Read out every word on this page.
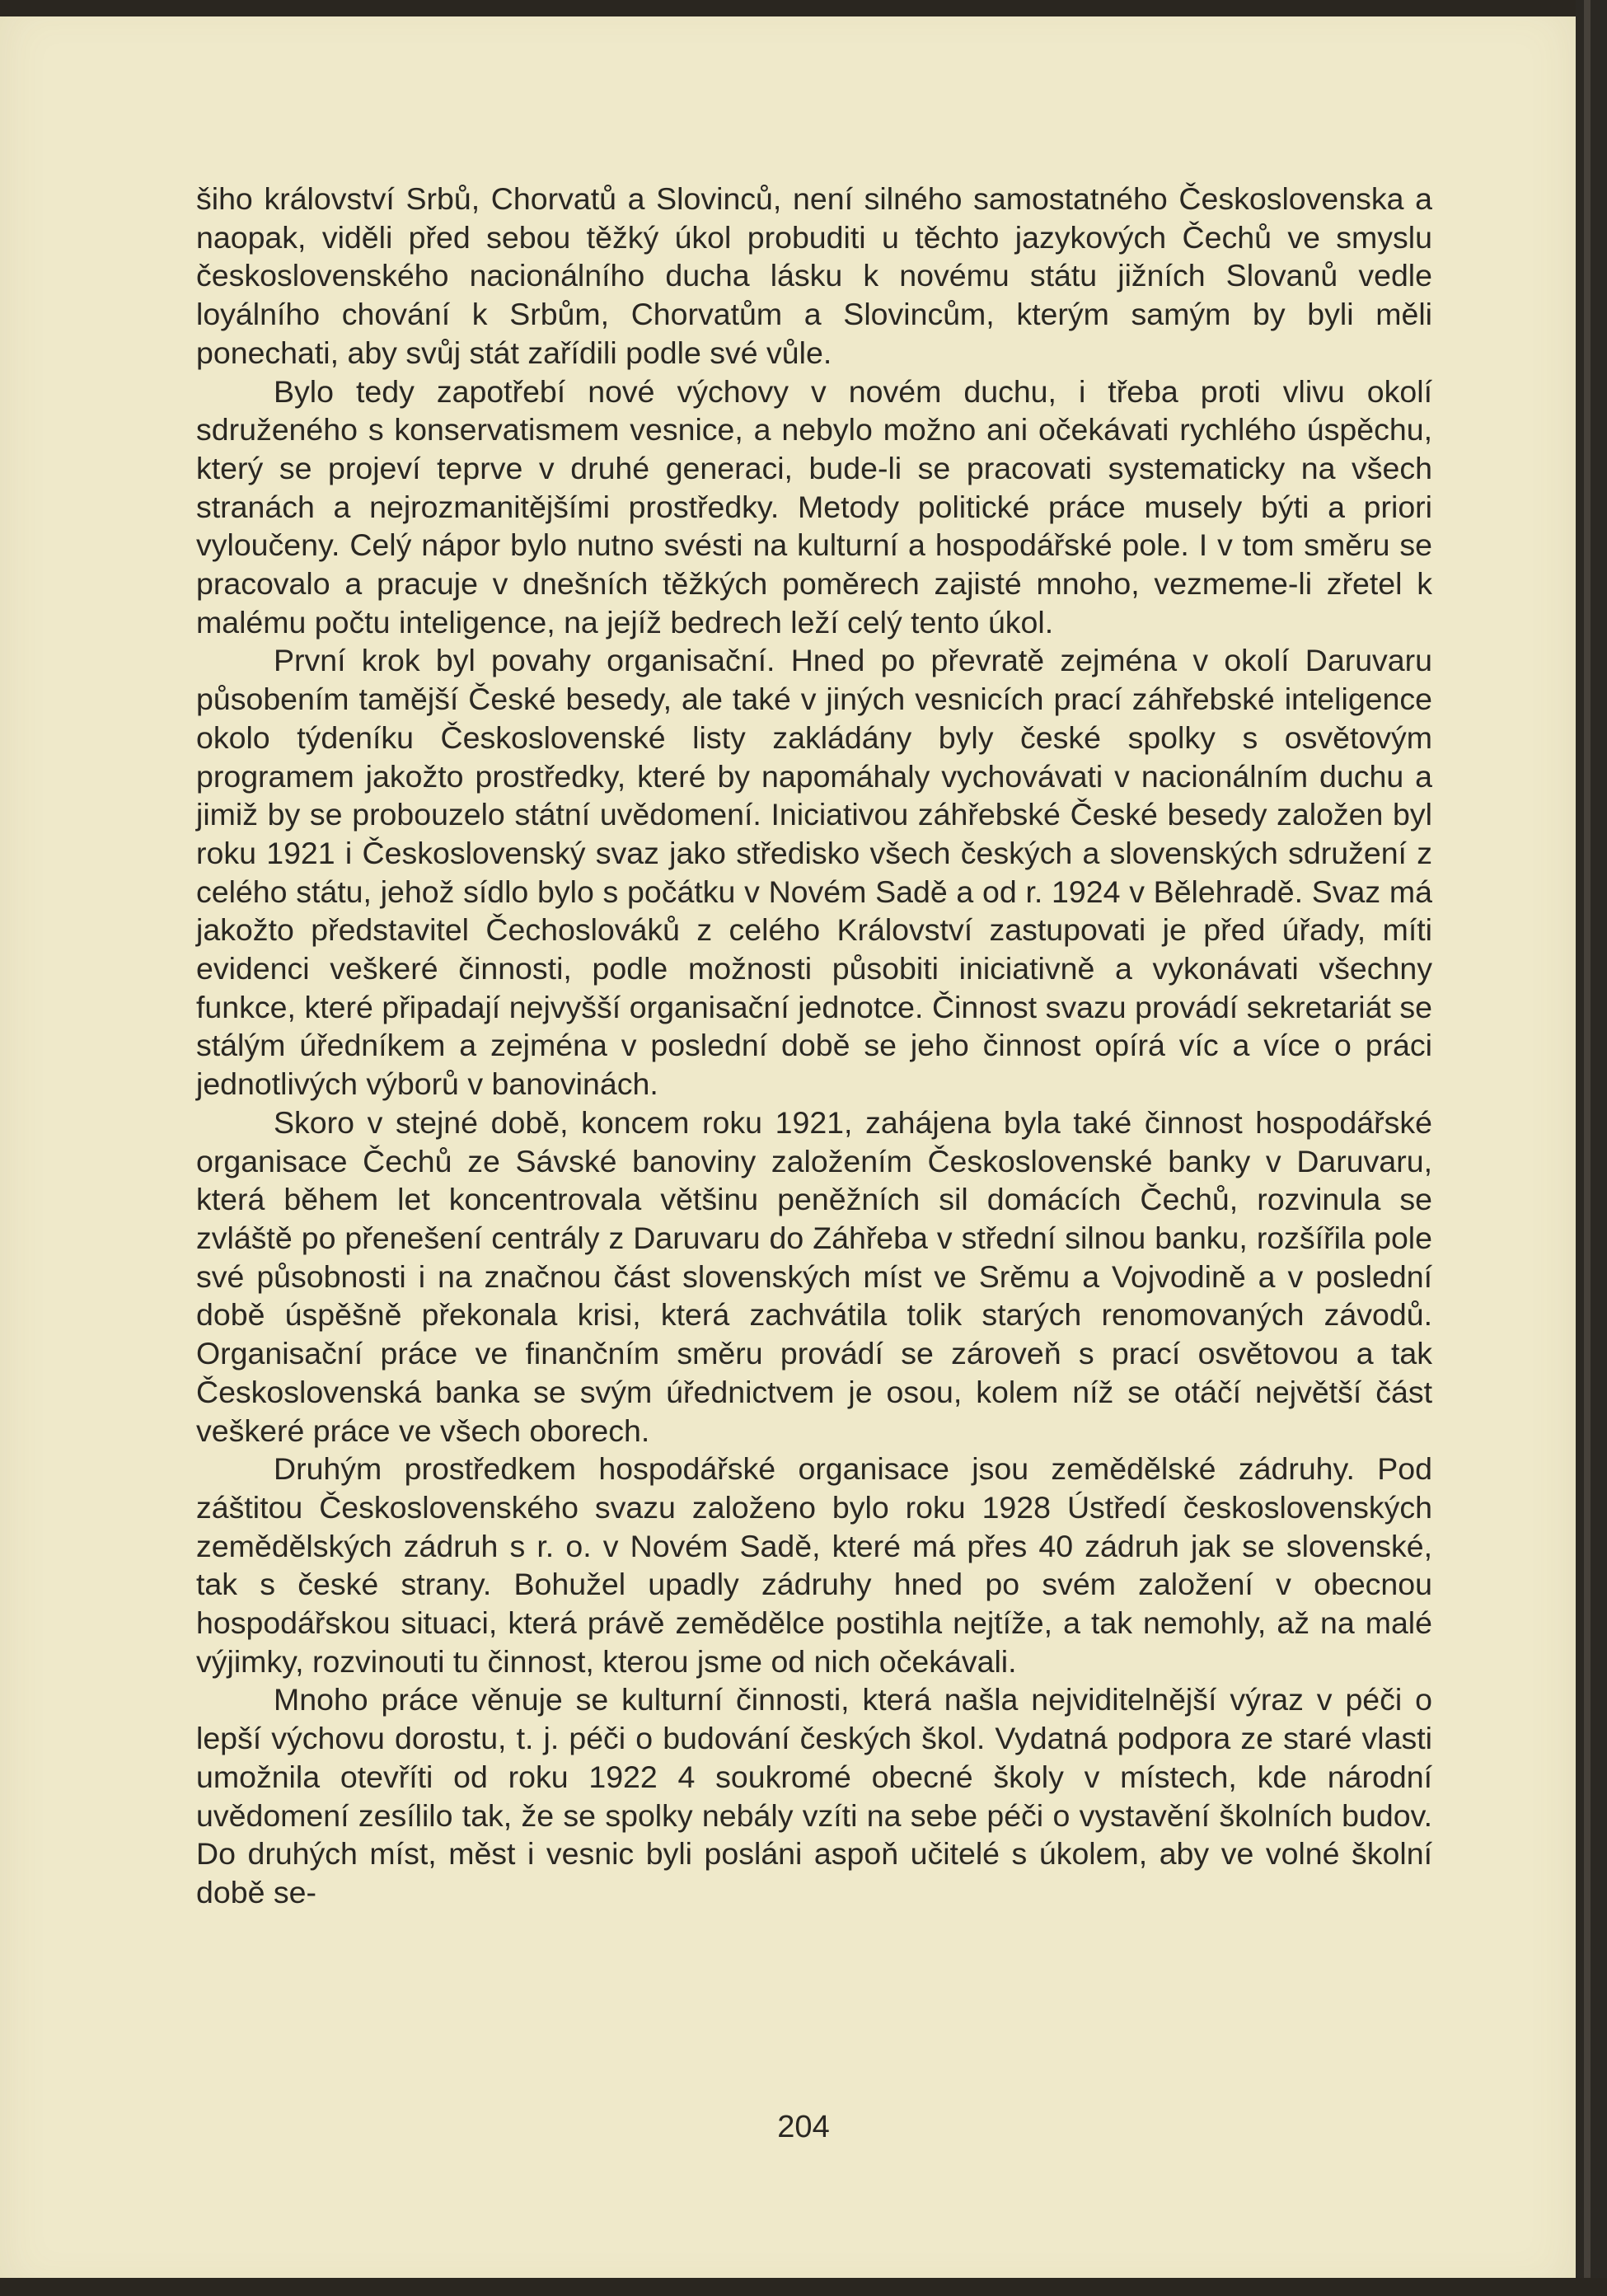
šiho království Srbů, Chorvatů a Slovinců, není silného samostatného Československa a naopak, viděli před sebou těžký úkol probuditi u těchto jazykových Čechů ve smyslu československého nacionálního ducha lásku k novému státu jižních Slovanů vedle loyálního chování k Srbům, Chorvatům a Slovincům, kterým samým by byli měli ponechati, aby svůj stát zařídili podle své vůle.

Bylo tedy zapotřebí nové výchovy v novém duchu, i třeba proti vlivu okolí sdruženého s konservatismem vesnice, a nebylo možno ani očekávati rychlého úspěchu, který se projeví teprve v druhé generaci, bude-li se pracovati systematicky na všech stranách a nejrozmanitějšími prostředky. Metody politické práce musely býti a priori vyloučeny. Celý nápor bylo nutno svésti na kulturní a hospodářské pole. I v tom směru se pracovalo a pracuje v dnešních těžkých poměrech zajisté mnoho, vezmeme-li zřetel k malému počtu inteligence, na jejíž bedrech leží celý tento úkol.

První krok byl povahy organisační. Hned po převratě zejména v okolí Daruvaru působením tamější České besedy, ale také v jiných vesnicích prací záhřebské inteligence okolo týdeníku Československé listy zakládány byly české spolky s osvětovým programem jakožto prostředky, které by napomáhaly vychovávati v nacionálním duchu a jimiž by se probouzelo státní uvědomení. Iniciativou záhřebské České besedy založen byl roku 1921 i Československý svaz jako středisko všech českých a slovenských sdružení z celého státu, jehož sídlo bylo s počátku v Novém Sadě a od r. 1924 v Bělehradě. Svaz má jakožto představitel Čechoslováků z celého Království zastupovati je před úřady, míti evidenci veškeré činnosti, podle možnosti působiti iniciativně a vykonávati všechny funkce, které připadají nejvyšší organisační jednotce. Činnost svazu provádí sekretariát se stálým úředníkem a zejména v poslední době se jeho činnost opírá víc a více o práci jednotlivých výborů v banovinách.

Skoro v stejné době, koncem roku 1921, zahájena byla také činnost hospodářské organisace Čechů ze Sávské banoviny založením Československé banky v Daruvaru, která během let koncentrovala většinu peněžních sil domácích Čechů, rozvinula se zvláště po přenešení centrály z Daruvaru do Záhřeba v střední silnou banku, rozšířila pole své působnosti i na značnou část slovenských míst ve Srěmu a Vojvodině a v poslední době úspěšně překonala krisi, která zachvátila tolik starých renomovaných závodů. Organisační práce ve finančním směru provádí se zároveň s prací osvětovou a tak Československá banka se svým úřednictvem je osou, kolem níž se otáčí největší část veškeré práce ve všech oborech.

Druhým prostředkem hospodářské organisace jsou zemědělské zádruhy. Pod záštitou Československého svazu založeno bylo roku 1928 Ústředí československých zemědělských zádruh s r. o. v Novém Sadě, které má přes 40 zádruh jak se slovenské, tak s české strany. Bohužel upadly zádruhy hned po svém založení v obecnou hospodářskou situaci, která právě zemědělce postihla nejtíže, a tak nemohly, až na malé výjimky, rozvinouti tu činnost, kterou jsme od nich očekávali.

Mnoho práce věnuje se kulturní činnosti, která našla nejviditelnější výraz v péči o lepší výchovu dorostu, t. j. péči o budování českých škol. Vydatná podpora ze staré vlasti umožnila otevříti od roku 1922 4 soukromé obecné školy v místech, kde národní uvědomení zesílilo tak, že se spolky nebály vzíti na sebe péči o vystavění školních budov. Do druhých míst, měst i vesnic byli posláni aspoň učitelé s úkolem, aby ve volné školní době se-

204
